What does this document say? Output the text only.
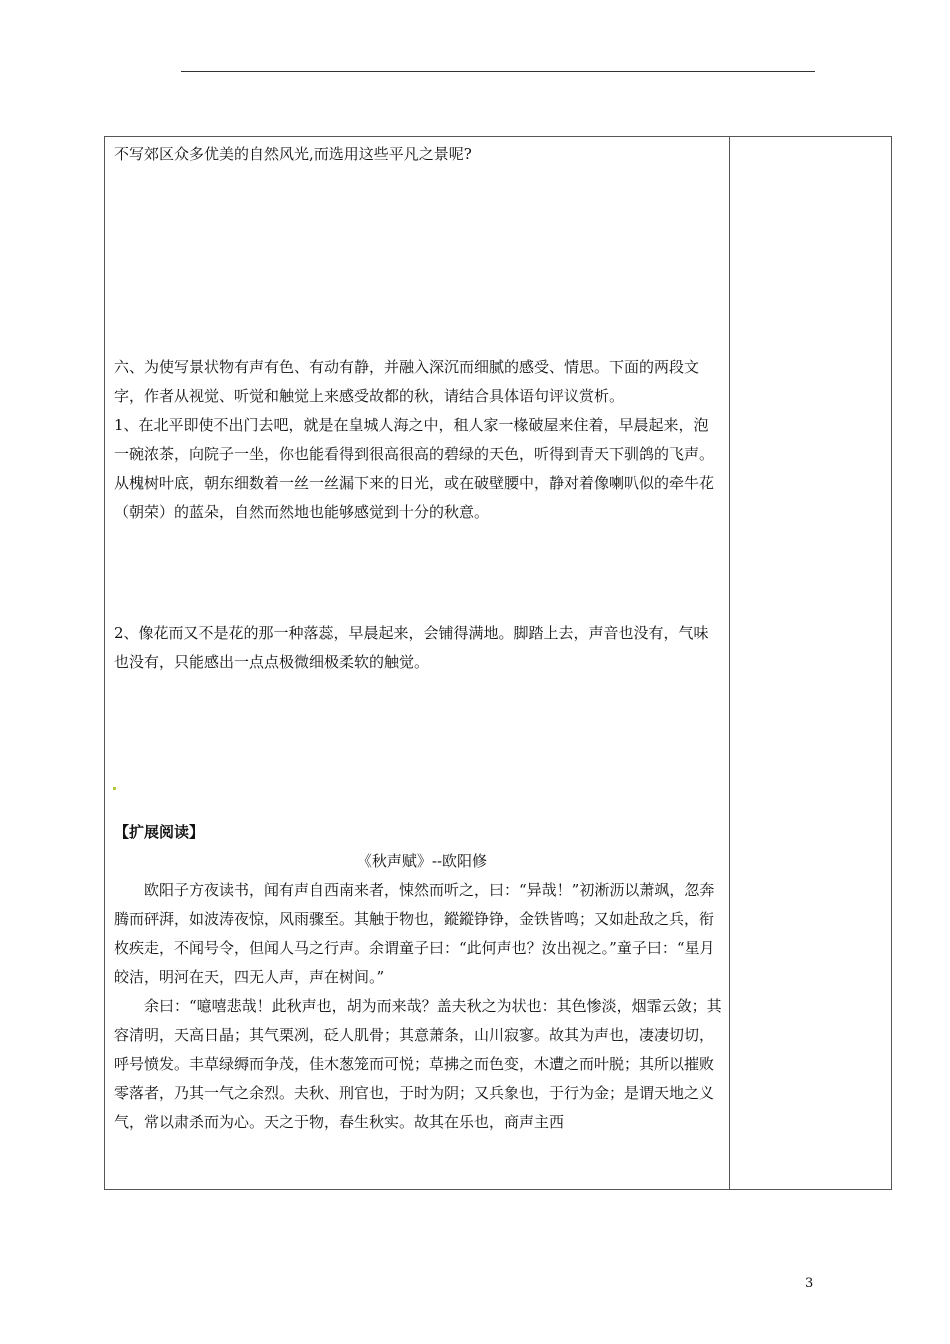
不写郊区众多优美的自然风光,而选用这些平凡之景呢?

六、为使写景状物有声有色、有动有静，并融入深沉而细腻的感受、情思。下面的两段文字，作者从视觉、听觉和触觉上来感受故都的秋，请结合具体语句评议赏析。

1、在北平即使不出门去吧，就是在皇城人海之中，租人家一椽破屋来住着，早晨起来，泡一碗浓茶，向院子一坐，你也能看得到很高很高的碧绿的天色，听得到青天下驯鸽的飞声。从槐树叶底，朝东细数着一丝一丝漏下来的日光，或在破壁腰中，静对着像喇叭似的牵牛花（朝荣）的蓝朵，自然而然地也能够感觉到十分的秋意。

2、像花而又不是花的那一种落蕊，早晨起来，会铺得满地。脚踏上去，声音也没有，气味也没有，只能感出一点点极微细极柔软的触觉。

【扩展阅读】

《秋声赋》--欧阳修

欧阳子方夜读书，闻有声自西南来者，悚然而听之，曰：“异哉！”初淅沥以萧飒，忽奔腾而砰湃，如波涛夜惊，风雨骤至。其触于物也，鏦鏦铮铮，金铁皆鸣；又如赴敌之兵，衔枚疾走，不闻号令，但闻人马之行声。余谓童子曰：“此何声也？汝出视之。”童子曰：“星月皎洁，明河在天，四无人声，声在树间。”

余曰：“噫嘻悲哉！此秋声也，胡为而来哉？盖夫秋之为状也：其色惨淡，烟霏云敛；其容清明，天高日晶；其气栗冽，砭人肌骨；其意萧条，山川寂寥。故其为声也，凄凄切切，呼号愤发。丰草绿缛而争茂，佳木葱笼而可悦；草拂之而色变，木遭之而叶脱；其所以摧败零落者，乃其一气之余烈。夫秋、刑官也，于时为阴；又兵象也，于行为金；是谓天地之义气，常以肃杀而为心。天之于物，春生秋实。故其在乐也，商声主西

3
